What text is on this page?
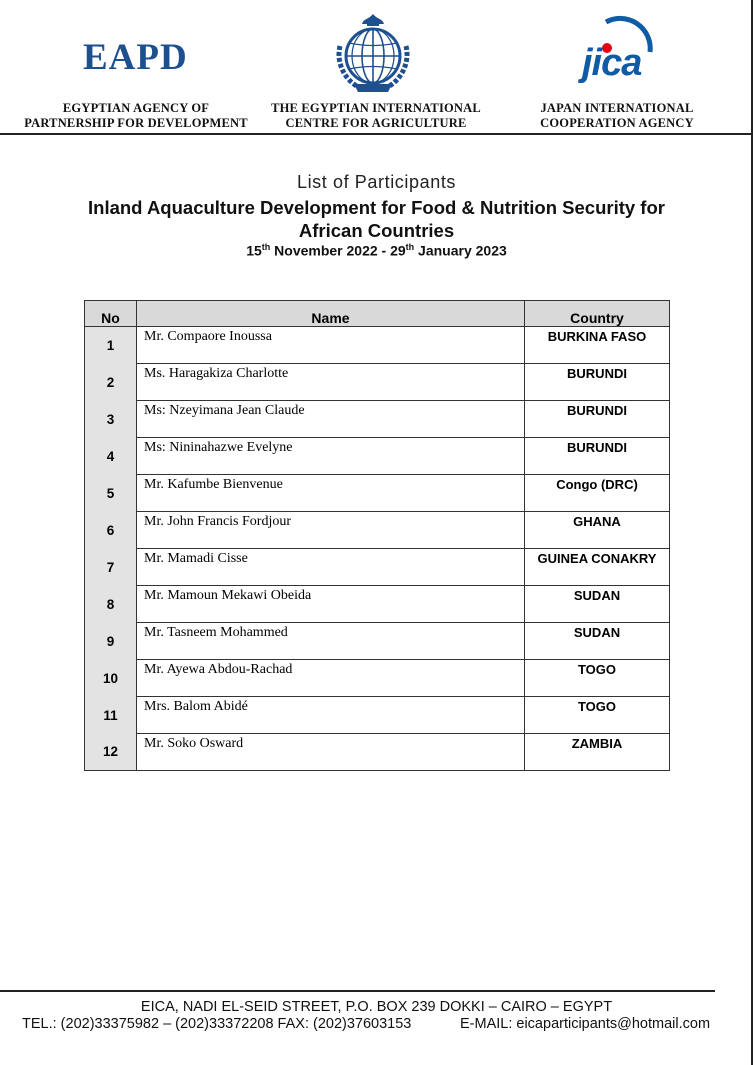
EAPD
EGYPTIAN AGENCY OF
PARTNERSHIP FOR DEVELOPMENT
THE EGYPTIAN INTERNATIONAL
CENTRE FOR AGRICULTURE
jica
JAPAN INTERNATIONAL
COOPERATION AGENCY
List of Participants
Inland Aquaculture Development for Food & Nutrition Security for
African Countries
15th November 2022 - 29th January 2023
No	Name	Country
1	Mr. Compaore Inoussa	BURKINA FASO
2	Ms. Haragakiza Charlotte	BURUNDI
3	Ms: Nzeyimana Jean Claude	BURUNDI
4	Ms: Nininahazwe Evelyne	BURUNDI
5	Mr. Kafumbe Bienvenue	Congo (DRC)
6	Mr. John Francis Fordjour	GHANA
7	Mr. Mamadi Cisse	GUINEA CONAKRY
8	Mr. Mamoun Mekawi Obeida	SUDAN
9	Mr. Tasneem Mohammed	SUDAN
10	Mr. Ayewa Abdou-Rachad	TOGO
11	Mrs. Balom Abidé	TOGO
12	Mr. Soko Osward	ZAMBIA
EICA, NADI EL-SEID STREET, P.O. BOX 239 DOKKI – CAIRO – EGYPT
TEL.: (202)33375982 – (202)33372208 FAX: (202)37603153	E-MAIL: eicaparticipants@hotmail.com
